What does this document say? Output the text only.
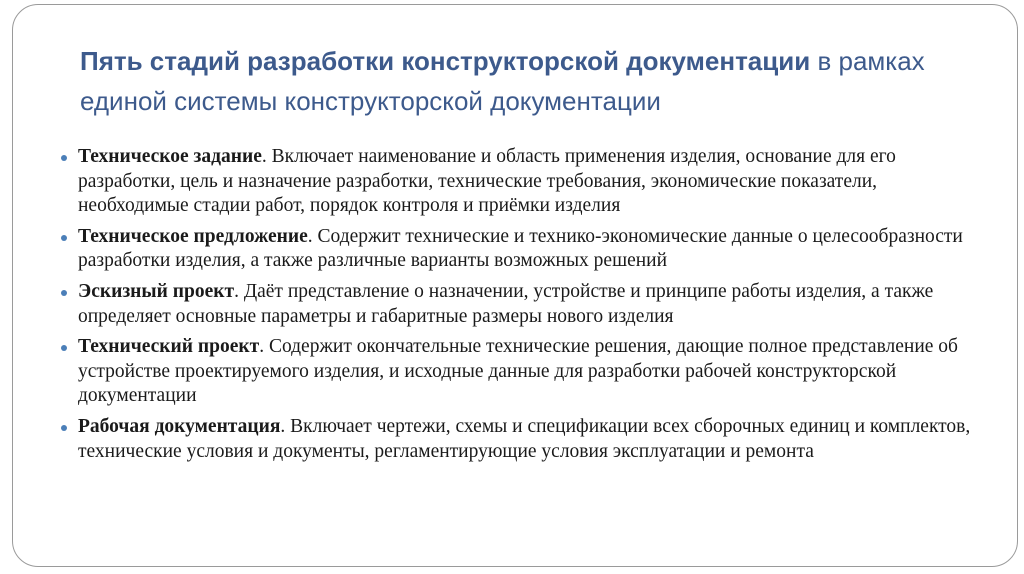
Пять стадий разработки конструкторской документации в рамках единой системы конструкторской документации
Техническое задание. Включает наименование и область применения изделия, основание для его разработки, цель и назначение разработки, технические требования, экономические показатели, необходимые стадии работ, порядок контроля и приёмки изделия
Техническое предложение. Содержит технические и технико-экономические данные о целесообразности разработки изделия, а также различные варианты возможных решений
Эскизный проект. Даёт представление о назначении, устройстве и принципе работы изделия, а также определяет основные параметры и габаритные размеры нового изделия
Технический проект. Содержит окончательные технические решения, дающие полное представление об устройстве проектируемого изделия, и исходные данные для разработки рабочей конструкторской документации
Рабочая документация. Включает чертежи, схемы и спецификации всех сборочных единиц и комплектов, технические условия и документы, регламентирующие условия эксплуатации и ремонта
